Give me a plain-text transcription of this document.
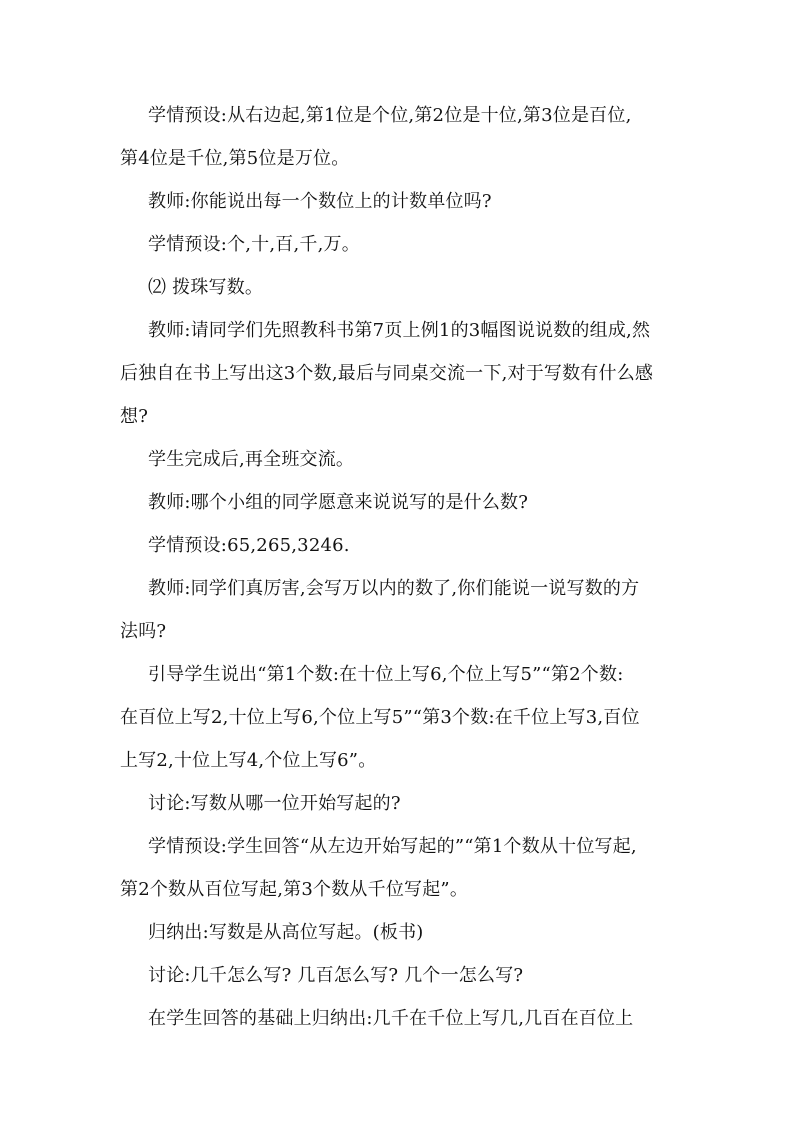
学情预设:从右边起,第1位是个位,第2位是十位,第3位是百位,
第4位是千位,第5位是万位。
教师:你能说出每一个数位上的计数单位吗?
学情预设:个,十,百,千,万。
⑵ 拨珠写数。
教师:请同学们先照教科书第7页上例1的3幅图说说数的组成,然
后独自在书上写出这3个数,最后与同桌交流一下,对于写数有什么感
想?
学生完成后,再全班交流。
教师:哪个小组的同学愿意来说说写的是什么数?
学情预设:65,265,3246.
教师:同学们真厉害,会写万以内的数了,你们能说一说写数的方
法吗?
引导学生说出“第1个数:在十位上写6,个位上写5”“第2个数:
在百位上写2,十位上写6,个位上写5”“第3个数:在千位上写3,百位
上写2,十位上写4,个位上写6”。
讨论:写数从哪一位开始写起的?
学情预设:学生回答“从左边开始写起的”“第1个数从十位写起,
第2个数从百位写起,第3个数从千位写起”。
归纳出:写数是从高位写起。(板书)
讨论:几千怎么写? 几百怎么写? 几个一怎么写?
在学生回答的基础上归纳出:几千在千位上写几,几百在百位上
